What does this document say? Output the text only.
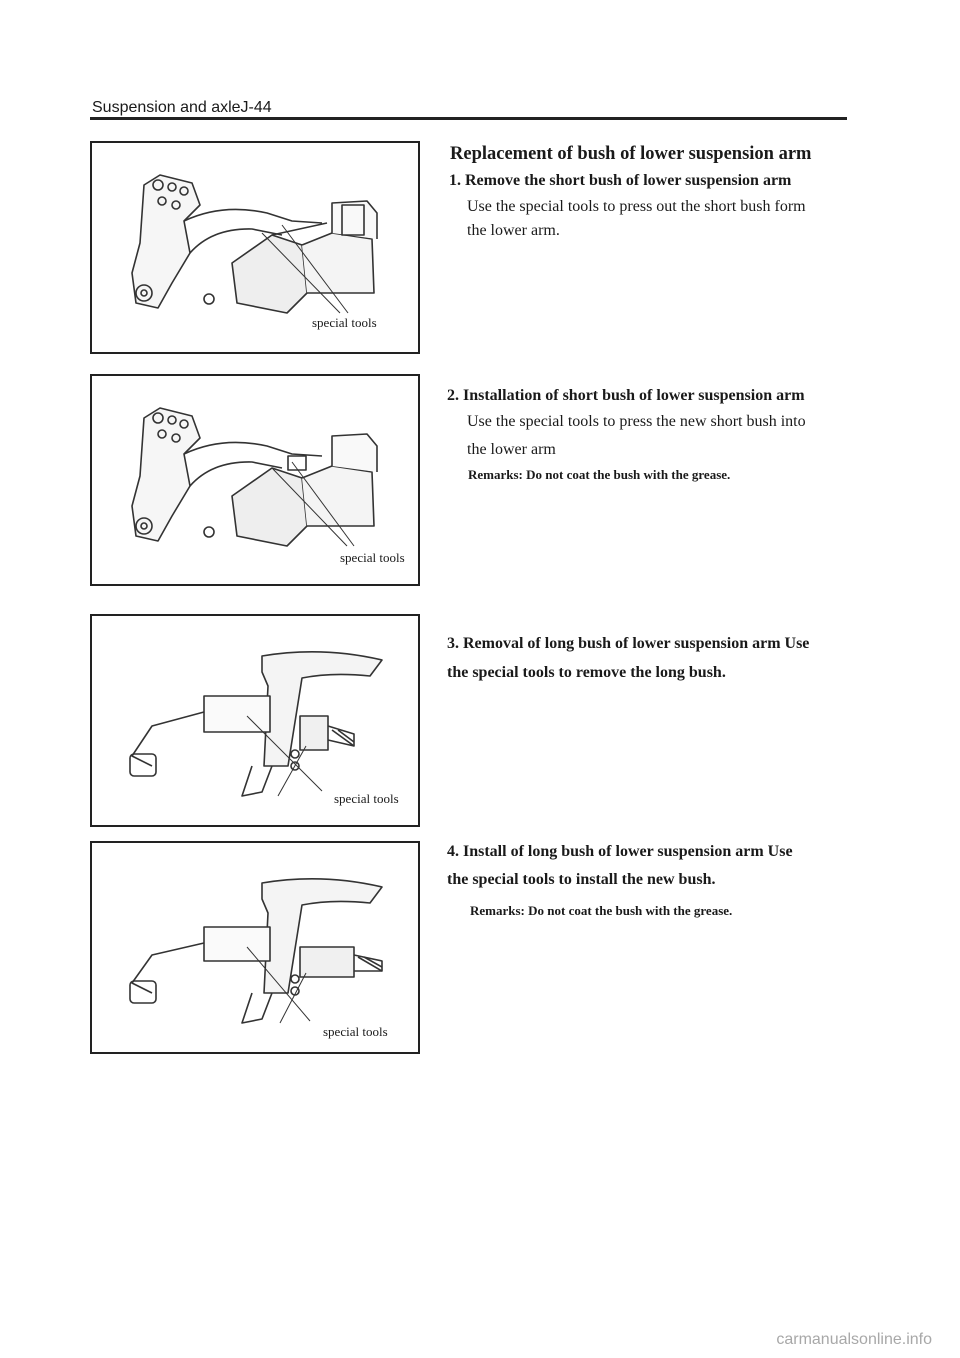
Suspension and axleJ-44
special tools
special tools
special tools
special tools
Replacement of bush of lower suspension arm
1. Remove the short bush of lower suspension arm
Use the special tools to press out the short bush form
the lower arm.
2. Installation of short bush of lower suspension arm
Use the special tools to press the new short bush into
the lower arm
Remarks: Do not coat the bush with the grease.
3. Removal of long bush of lower suspension arm Use
the special tools to remove the long bush.
4. Install of long bush of lower suspension arm Use
the special tools to install the new bush.
Remarks: Do not coat the bush with the grease.
carmanualsonline.info
